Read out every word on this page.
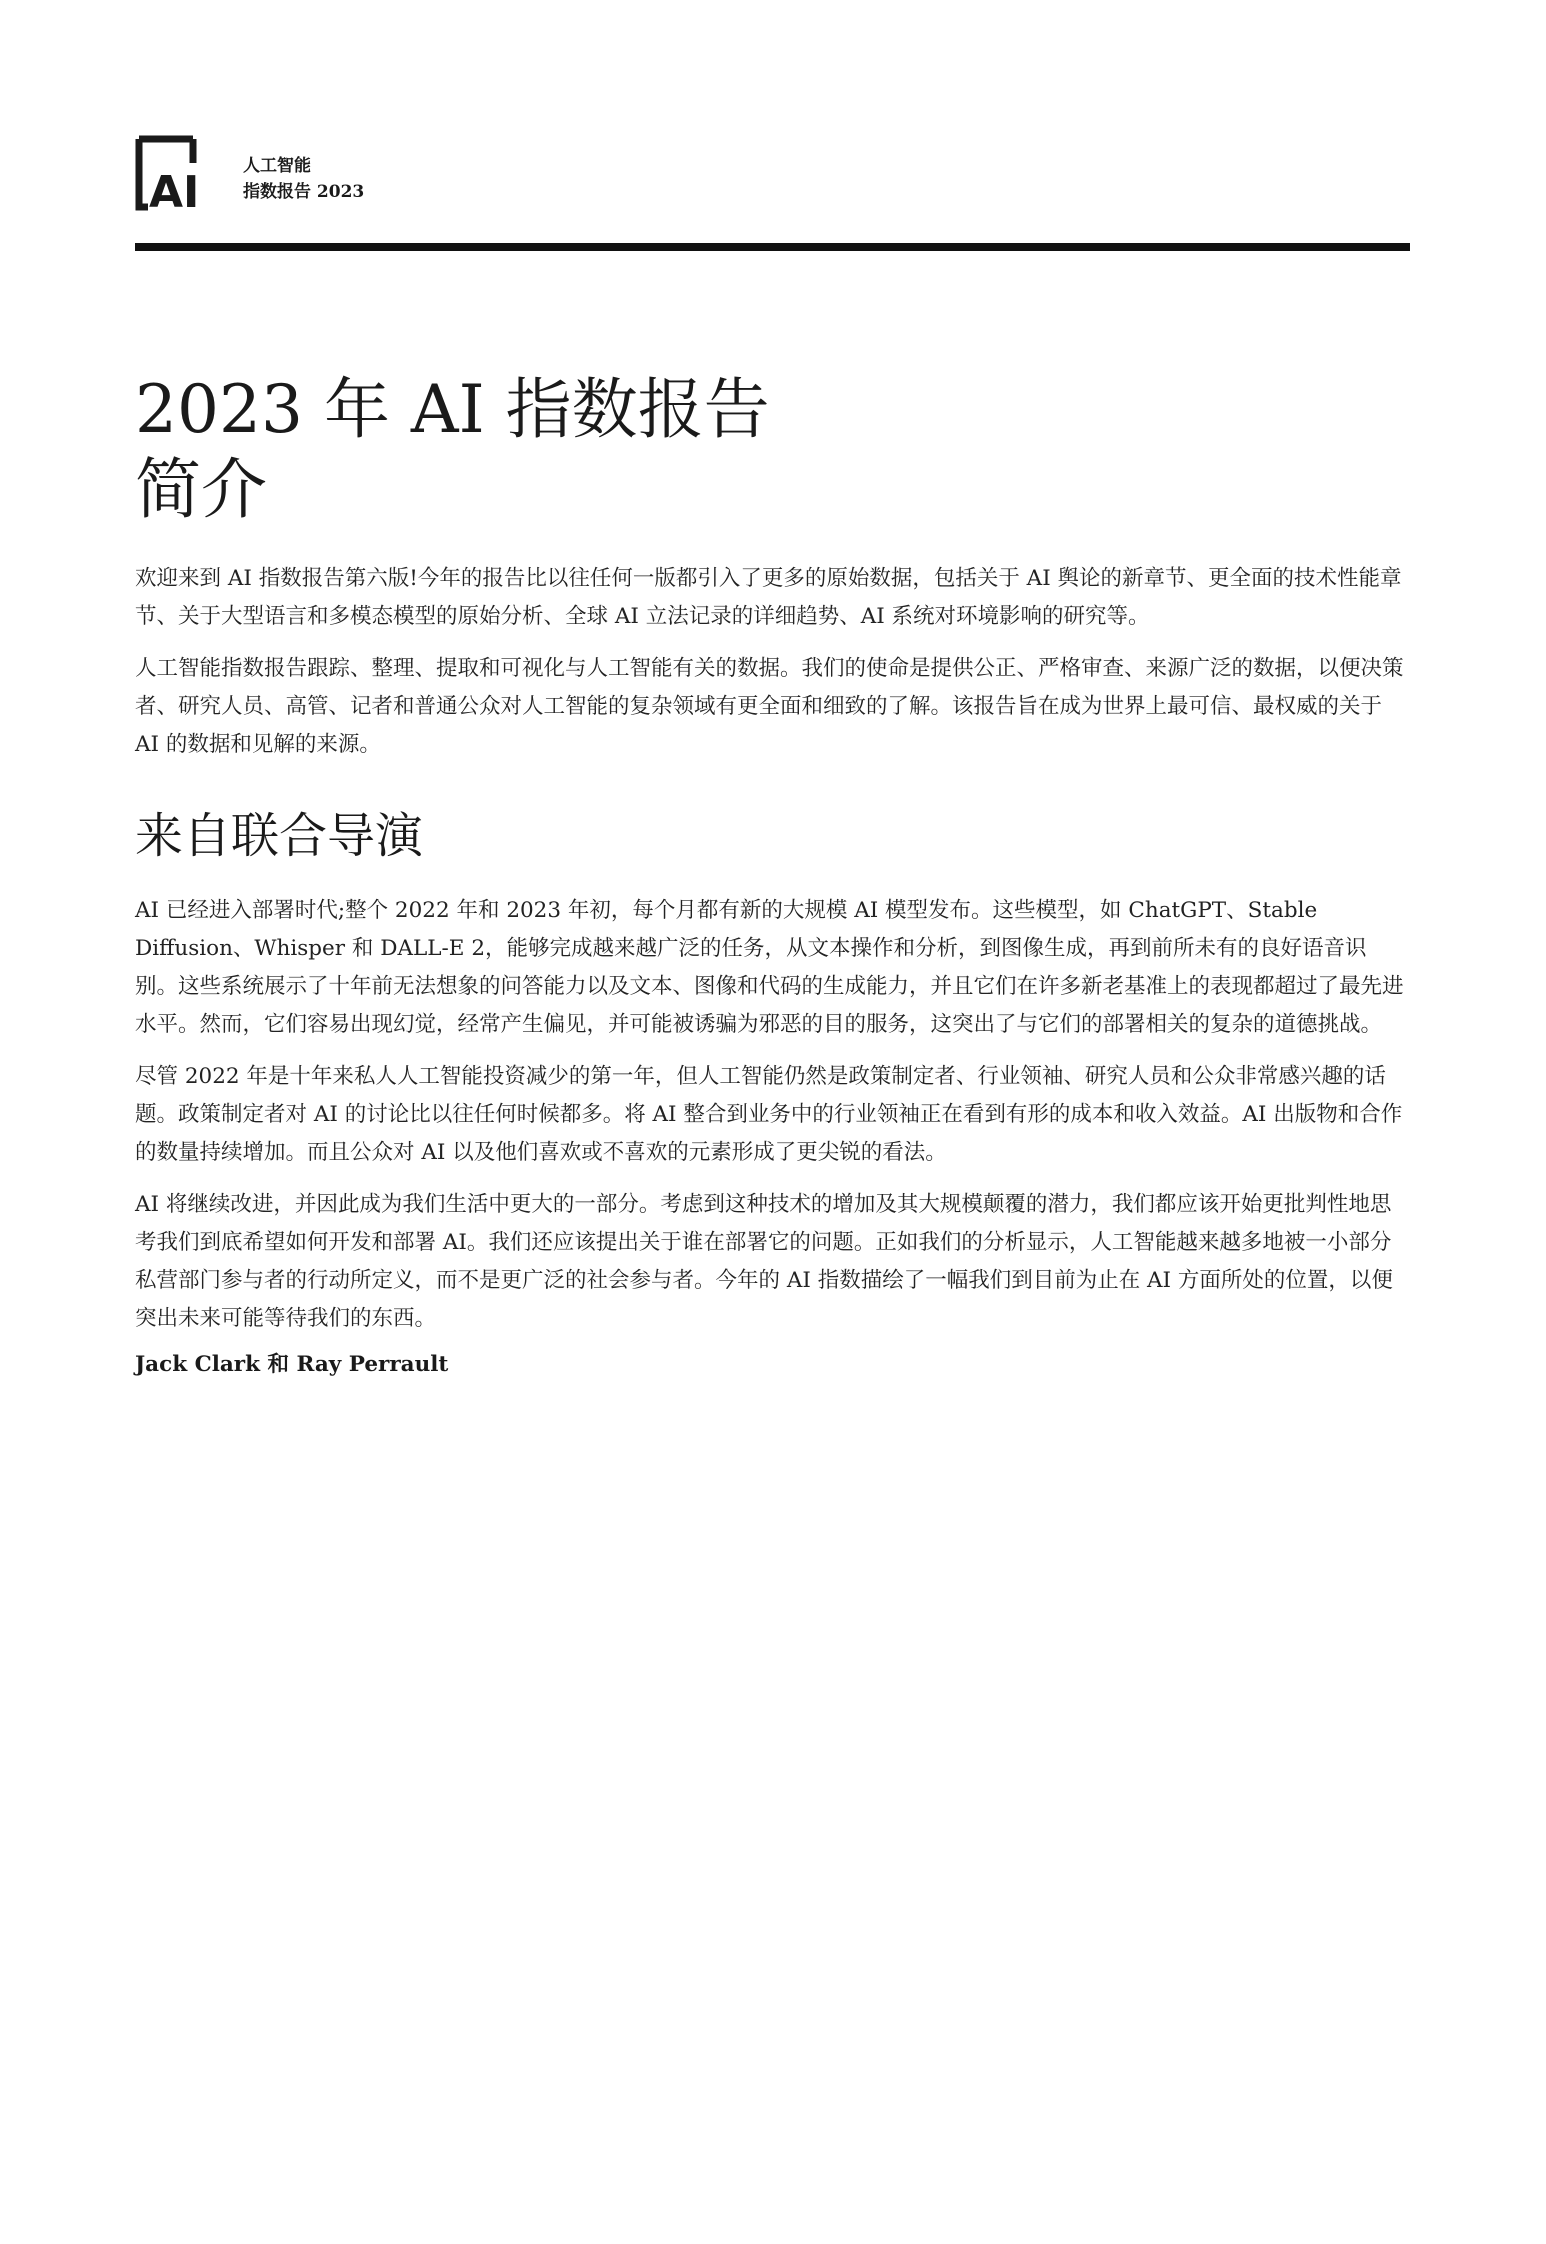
AI
人工智能
指数报告 2023
2023 年 AI 指数报告
简介

欢迎来到 AI 指数报告第六版!今年的报告比以往任何一版都引入了更多的原始数据，包括关于 AI 舆论的新章节、更全面的技术性能章节、关于大型语言和多模态模型的原始分析、全球 AI 立法记录的详细趋势、AI 系统对环境影响的研究等。

人工智能指数报告跟踪、整理、提取和可视化与人工智能有关的数据。我们的使命是提供公正、严格审查、来源广泛的数据，以便决策者、研究人员、高管、记者和普通公众对人工智能的复杂领域有更全面和细致的了解。该报告旨在成为世界上最可信、最权威的关于 AI 的数据和见解的来源。

来自联合导演

AI 已经进入部署时代;整个 2022 年和 2023 年初，每个月都有新的大规模 AI 模型发布。这些模型，如 ChatGPT、Stable Diffusion、Whisper 和 DALL-E 2，能够完成越来越广泛的任务，从文本操作和分析，到图像生成，再到前所未有的良好语音识别。这些系统展示了十年前无法想象的问答能力以及文本、图像和代码的生成能力，并且它们在许多新老基准上的表现都超过了最先进水平。然而，它们容易出现幻觉，经常产生偏见，并可能被诱骗为邪恶的目的服务，这突出了与它们的部署相关的复杂的道德挑战。

尽管 2022 年是十年来私人人工智能投资减少的第一年，但人工智能仍然是政策制定者、行业领袖、研究人员和公众非常感兴趣的话题。政策制定者对 AI 的讨论比以往任何时候都多。将 AI 整合到业务中的行业领袖正在看到有形的成本和收入效益。AI 出版物和合作的数量持续增加。而且公众对 AI 以及他们喜欢或不喜欢的元素形成了更尖锐的看法。

AI 将继续改进，并因此成为我们生活中更大的一部分。考虑到这种技术的增加及其大规模颠覆的潜力，我们都应该开始更批判性地思考我们到底希望如何开发和部署 AI。我们还应该提出关于谁在部署它的问题。正如我们的分析显示，人工智能越来越多地被一小部分私营部门参与者的行动所定义，而不是更广泛的社会参与者。今年的 AI 指数描绘了一幅我们到目前为止在 AI 方面所处的位置，以便突出未来可能等待我们的东西。

Jack Clark 和 Ray Perrault
